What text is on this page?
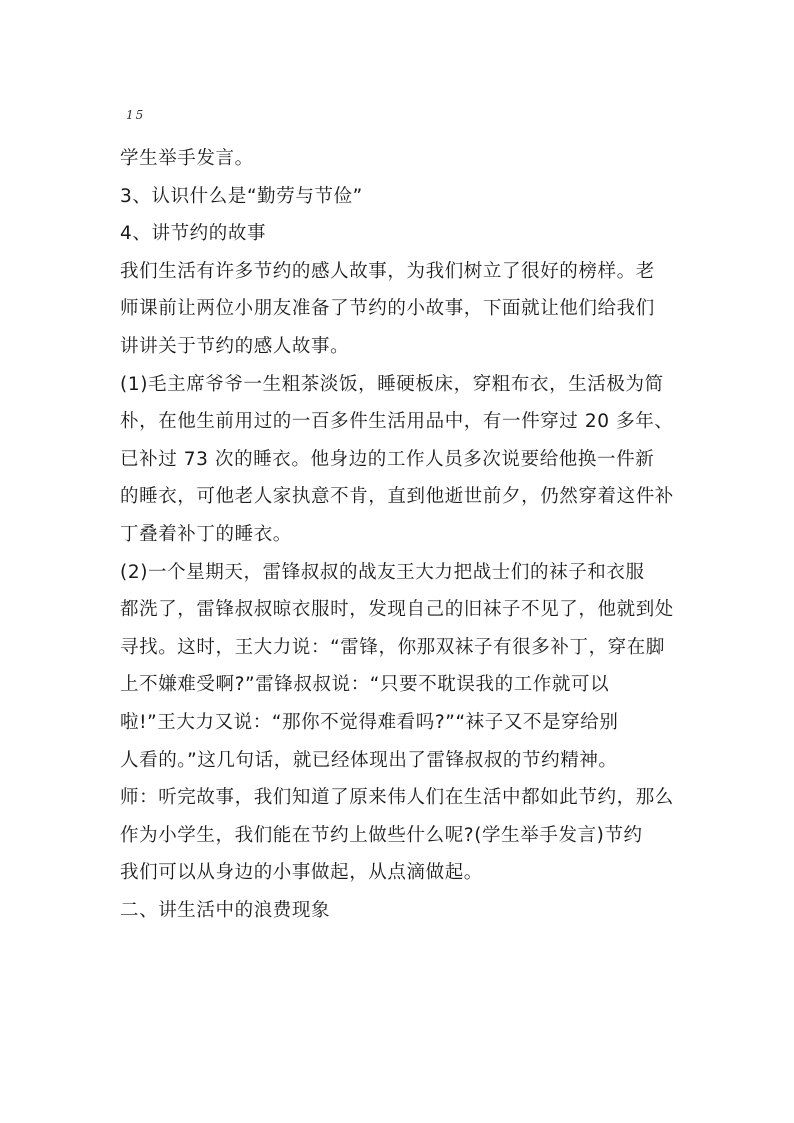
15

学生举手发言。

3、认识什么是“勤劳与节俭”

4、讲节约的故事

我们生活有许多节约的感人故事，为我们树立了很好的榜样。老

师课前让两位小朋友准备了节约的小故事，下面就让他们给我们

讲讲关于节约的感人故事。

(1)毛主席爷爷一生粗茶淡饭，睡硬板床，穿粗布衣，生活极为简

朴，在他生前用过的一百多件生活用品中，有一件穿过 20 多年、

已补过 73 次的睡衣。他身边的工作人员多次说要给他换一件新

的睡衣，可他老人家执意不肯，直到他逝世前夕，仍然穿着这件补

丁叠着补丁的睡衣。

(2)一个星期天，雷锋叔叔的战友王大力把战士们的袜子和衣服

都洗了，雷锋叔叔晾衣服时，发现自己的旧袜子不见了，他就到处

寻找。这时，王大力说：“雷锋，你那双袜子有很多补丁，穿在脚

上不嫌难受啊?”雷锋叔叔说：“只要不耽误我的工作就可以

啦!”王大力又说：“那你不觉得难看吗?”“袜子又不是穿给别

人看的。”这几句话，就已经体现出了雷锋叔叔的节约精神。

师：听完故事，我们知道了原来伟人们在生活中都如此节约，那么

作为小学生，我们能在节约上做些什么呢?(学生举手发言)节约

我们可以从身边的小事做起，从点滴做起。

二、讲生活中的浪费现象
